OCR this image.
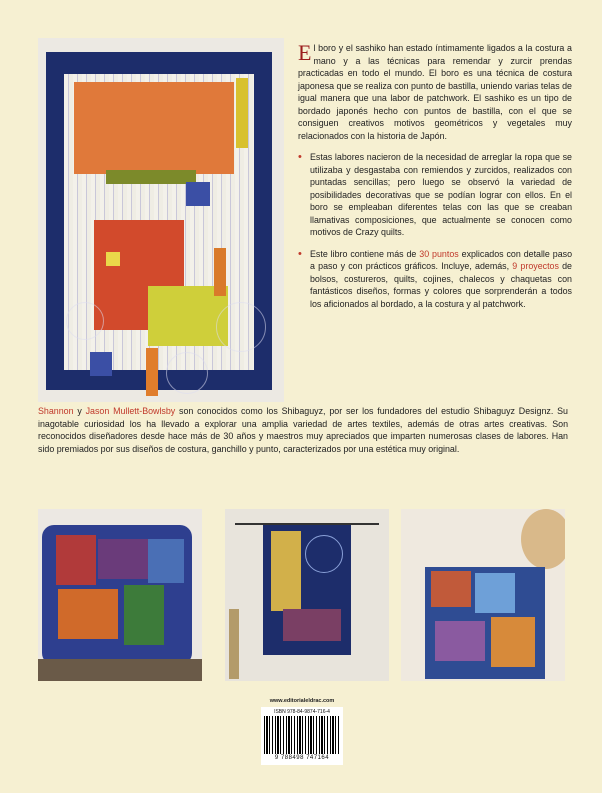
El boro y el sashiko han estado íntimamente ligados a la costura a mano y a las técnicas para remendar y zurcir prendas practicadas en todo el mundo. El boro es una técnica de costura japonesa que se realiza con punto de bastilla, uniendo varias telas de igual manera que una labor de patchwork. El sashiko es un tipo de bordado japonés hecho con puntos de bastilla, con el que se consiguen creativos motivos geométricos y vegetales muy relacionados con la historia de Japón.

• Estas labores nacieron de la necesidad de arreglar la ropa que se utilizaba y desgastaba con remiendos y zurcidos, realizados con puntadas sencillas; pero luego se observó la variedad de posibilidades decorativas que se podían lograr con ellos. En el boro se empleaban diferentes telas con las que se creaban llamativas composiciones, que actualmente se conocen como motivos de Crazy quilts.

• Este libro contiene más de 30 puntos explicados con detalle paso a paso y con prácticos gráficos. Incluye, además, 9 proyectos de bolsos, costureros, quilts, cojines, chalecos y chaquetas con fantásticos diseños, formas y colores que sorprenderán a todos los aficionados al bordado, a la costura y al patchwork.

Shannon y Jason Mullett-Bowlsby son conocidos como los Shibaguyz, por ser los fundadores del estudio Shibaguyz Designz. Su inagotable curiosidad los ha llevado a explorar una amplia variedad de artes textiles, además de otras artes creativas. Son reconocidos diseñadores desde hace más de 30 años y maestros muy apreciados que imparten numerosas clases de labores. Han sido premiados por sus diseños de costura, ganchillo y punto, caracterizados por una estética muy original.

www.editorialeldrac.com
ISBN 978-84-9874-716-4
9 788498 747164
